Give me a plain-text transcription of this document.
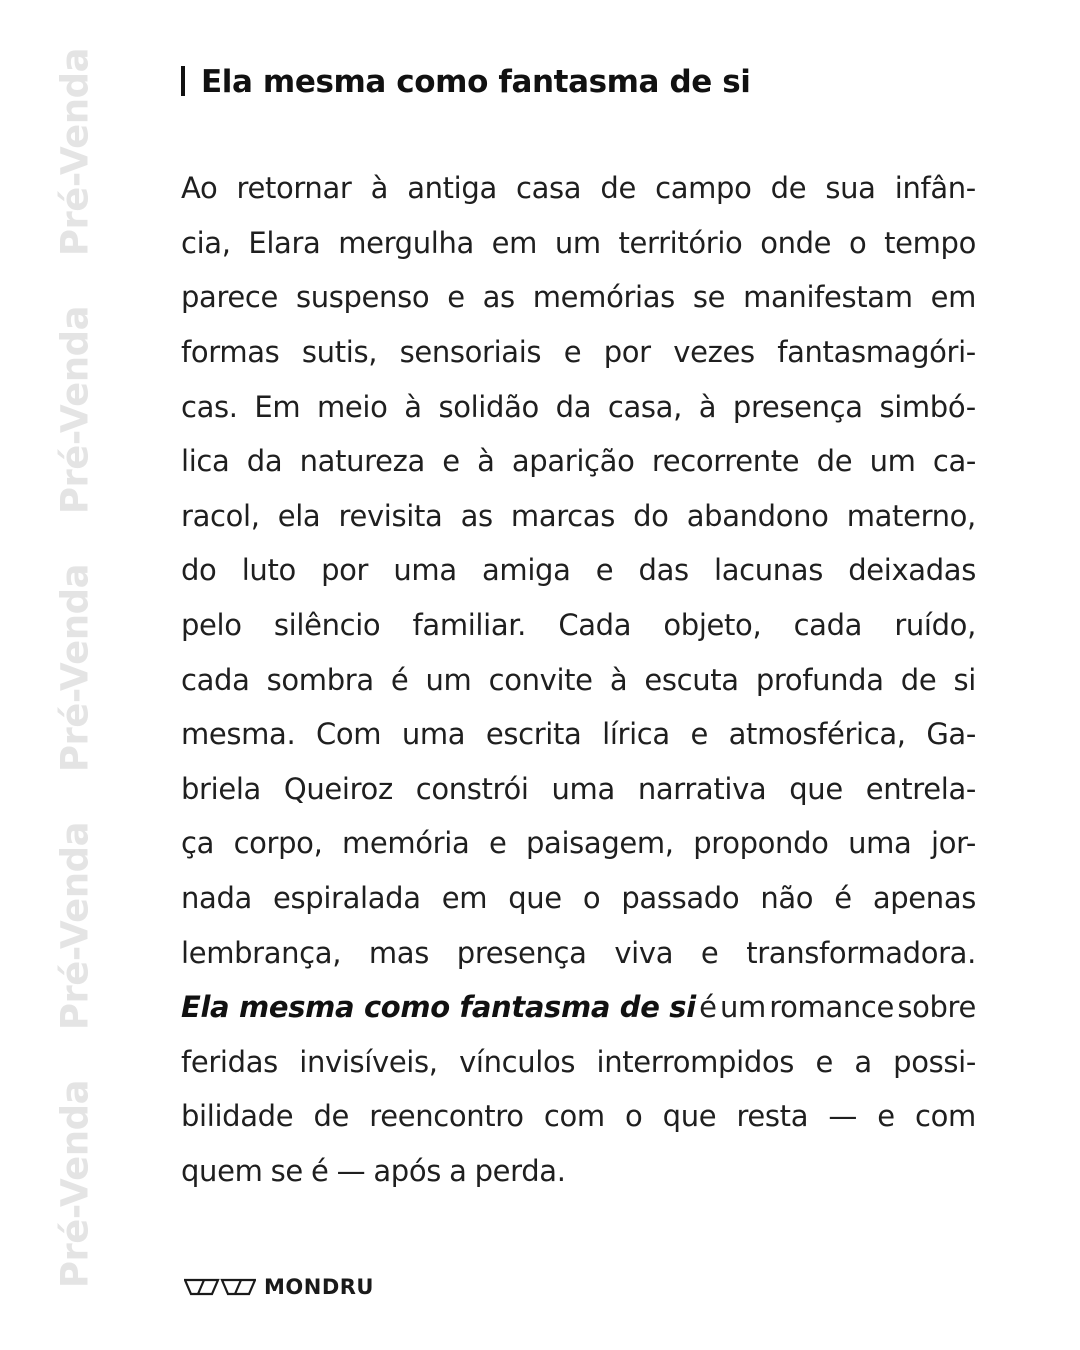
Pré-Venda
Pré-Venda
Pré-Venda
Pré-Venda
Pré-Venda
Ela mesma como fantasma de si
Ao retornar à antiga casa de campo de sua infân-
cia, Elara mergulha em um território onde o tempo
parece suspenso e as memórias se manifestam em
formas sutis, sensoriais e por vezes fantasmagóri-
cas. Em meio à solidão da casa, à presença simbó-
lica da natureza e à aparição recorrente de um ca-
racol, ela revisita as marcas do abandono materno,
do luto por uma amiga e das lacunas deixadas
pelo silêncio familiar. Cada objeto, cada ruído,
cada sombra é um convite à escuta profunda de si
mesma. Com uma escrita lírica e atmosférica, Ga-
briela Queiroz constrói uma narrativa que entrela-
ça corpo, memória e paisagem, propondo uma jor-
nada espiralada em que o passado não é apenas
lembrança, mas presença viva e transformadora.
Ela mesma como fantasma de si é um romance sobre
feridas invisíveis, vínculos interrompidos e a possi-
bilidade de reencontro com o que resta — e com
quem se é — após a perda.
MONDRU
